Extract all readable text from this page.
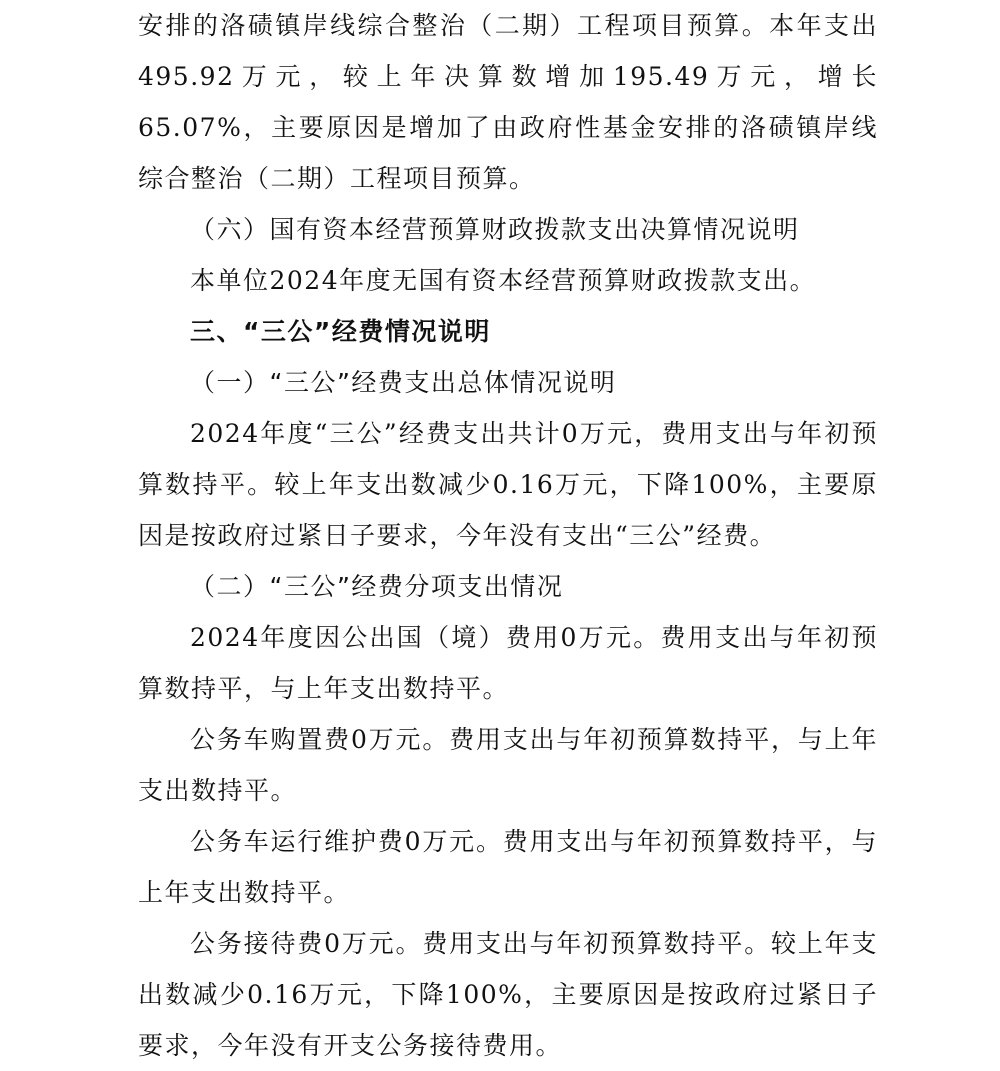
安排的洛碛镇岸线综合整治（二期）工程项目预算。本年支出495.92万元，较上年决算数增加195.49万元，增长65.07%，主要原因是增加了由政府性基金安排的洛碛镇岸线综合整治（二期）工程项目预算。

（六）国有资本经营预算财政拨款支出决算情况说明

本单位2024年度无国有资本经营预算财政拨款支出。

三、“三公”经费情况说明

（一）“三公”经费支出总体情况说明

2024年度“三公”经费支出共计0万元，费用支出与年初预算数持平。较上年支出数减少0.16万元，下降100%，主要原因是按政府过紧日子要求，今年没有支出“三公”经费。

（二）“三公”经费分项支出情况

2024年度因公出国（境）费用0万元。费用支出与年初预算数持平，与上年支出数持平。

公务车购置费0万元。费用支出与年初预算数持平，与上年支出数持平。

公务车运行维护费0万元。费用支出与年初预算数持平，与上年支出数持平。

公务接待费0万元。费用支出与年初预算数持平。较上年支出数减少0.16万元，下降100%，主要原因是按政府过紧日子要求，今年没有开支公务接待费用。
